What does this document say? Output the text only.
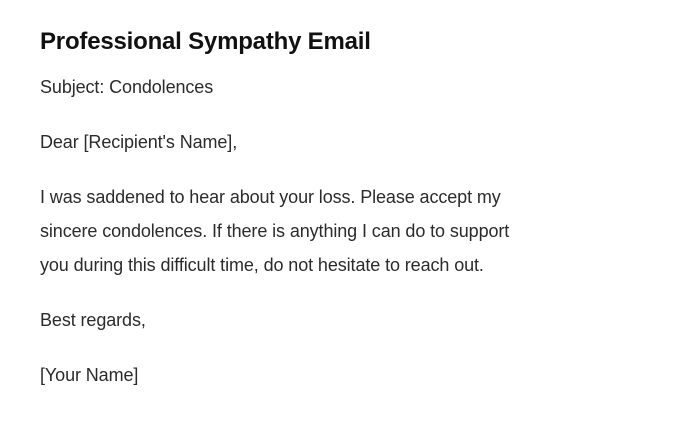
Professional Sympathy Email

Subject: Condolences

Dear [Recipient's Name],

I was saddened to hear about your loss. Please accept my
sincere condolences. If there is anything I can do to support
you during this difficult time, do not hesitate to reach out.

Best regards,

[Your Name]
